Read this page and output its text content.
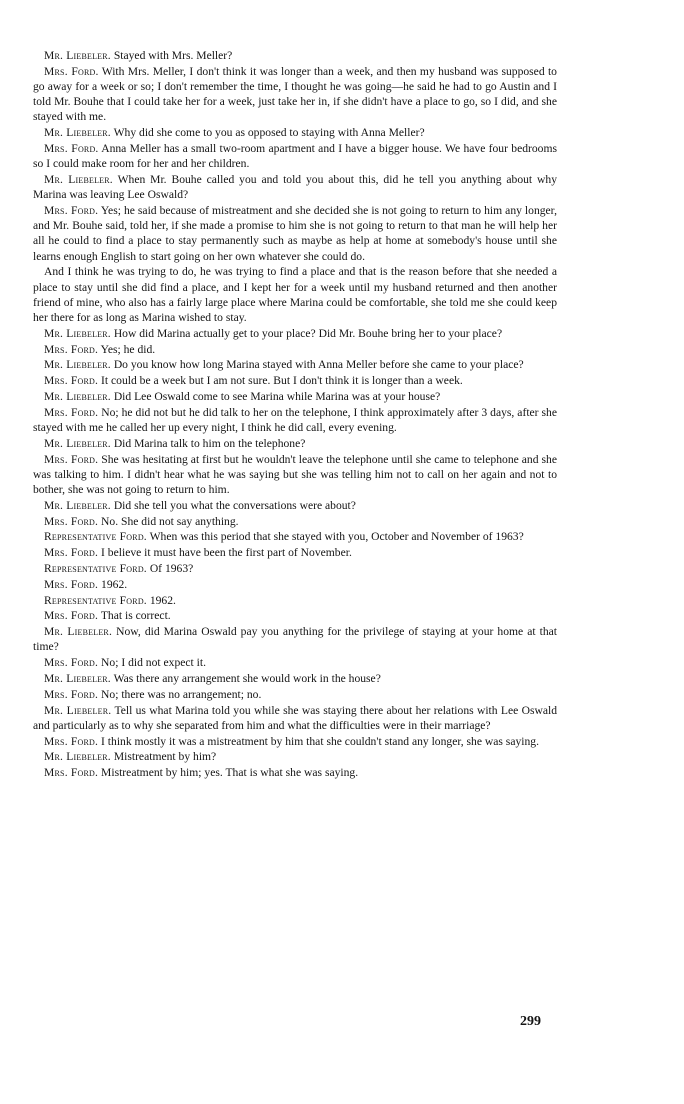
Mr. Liebeler. Stayed with Mrs. Meller?

Mrs. Ford. With Mrs. Meller, I don't think it was longer than a week, and then my husband was supposed to go away for a week or so; I don't remember the time, I thought he was going—he said he had to go Austin and I told Mr. Bouhe that I could take her for a week, just take her in, if she didn't have a place to go, so I did, and she stayed with me.

Mr. Liebeler. Why did she come to you as opposed to staying with Anna Meller?

Mrs. Ford. Anna Meller has a small two-room apartment and I have a bigger house. We have four bedrooms so I could make room for her and her children.

Mr. Liebeler. When Mr. Bouhe called you and told you about this, did he tell you anything about why Marina was leaving Lee Oswald?

Mrs. Ford. Yes; he said because of mistreatment and she decided she is not going to return to him any longer, and Mr. Bouhe said, told her, if she made a promise to him she is not going to return to that man he will help her all he could to find a place to stay permanently such as maybe as help at home at somebody's house until she learns enough English to start going on her own whatever she could do.

And I think he was trying to do, he was trying to find a place and that is the reason before that she needed a place to stay until she did find a place, and I kept her for a week until my husband returned and then another friend of mine, who also has a fairly large place where Marina could be comfortable, she told me she could keep her there for as long as Marina wished to stay.

Mr. Liebeler. How did Marina actually get to your place? Did Mr. Bouhe bring her to your place?

Mrs. Ford. Yes; he did.

Mr. Liebeler. Do you know how long Marina stayed with Anna Meller before she came to your place?

Mrs. Ford. It could be a week but I am not sure. But I don't think it is longer than a week.

Mr. Liebeler. Did Lee Oswald come to see Marina while Marina was at your house?

Mrs. Ford. No; he did not but he did talk to her on the telephone, I think approximately after 3 days, after she stayed with me he called her up every night, I think he did call, every evening.

Mr. Liebeler. Did Marina talk to him on the telephone?

Mrs. Ford. She was hesitating at first but he wouldn't leave the telephone until she came to telephone and she was talking to him. I didn't hear what he was saying but she was telling him not to call on her again and not to bother, she was not going to return to him.

Mr. Liebeler. Did she tell you what the conversations were about?

Mrs. Ford. No. She did not say anything.

Representative Ford. When was this period that she stayed with you, October and November of 1963?

Mrs. Ford. I believe it must have been the first part of November.

Representative Ford. Of 1963?

Mrs. Ford. 1962.

Representative Ford. 1962.

Mrs. Ford. That is correct.

Mr. Liebeler. Now, did Marina Oswald pay you anything for the privilege of staying at your home at that time?

Mrs. Ford. No; I did not expect it.

Mr. Liebeler. Was there any arrangement she would work in the house?

Mrs. Ford. No; there was no arrangement; no.

Mr. Liebeler. Tell us what Marina told you while she was staying there about her relations with Lee Oswald and particularly as to why she separated from him and what the difficulties were in their marriage?

Mrs. Ford. I think mostly it was a mistreatment by him that she couldn't stand any longer, she was saying.

Mr. Liebeler. Mistreatment by him?

Mrs. Ford. Mistreatment by him; yes. That is what she was saying.

299
